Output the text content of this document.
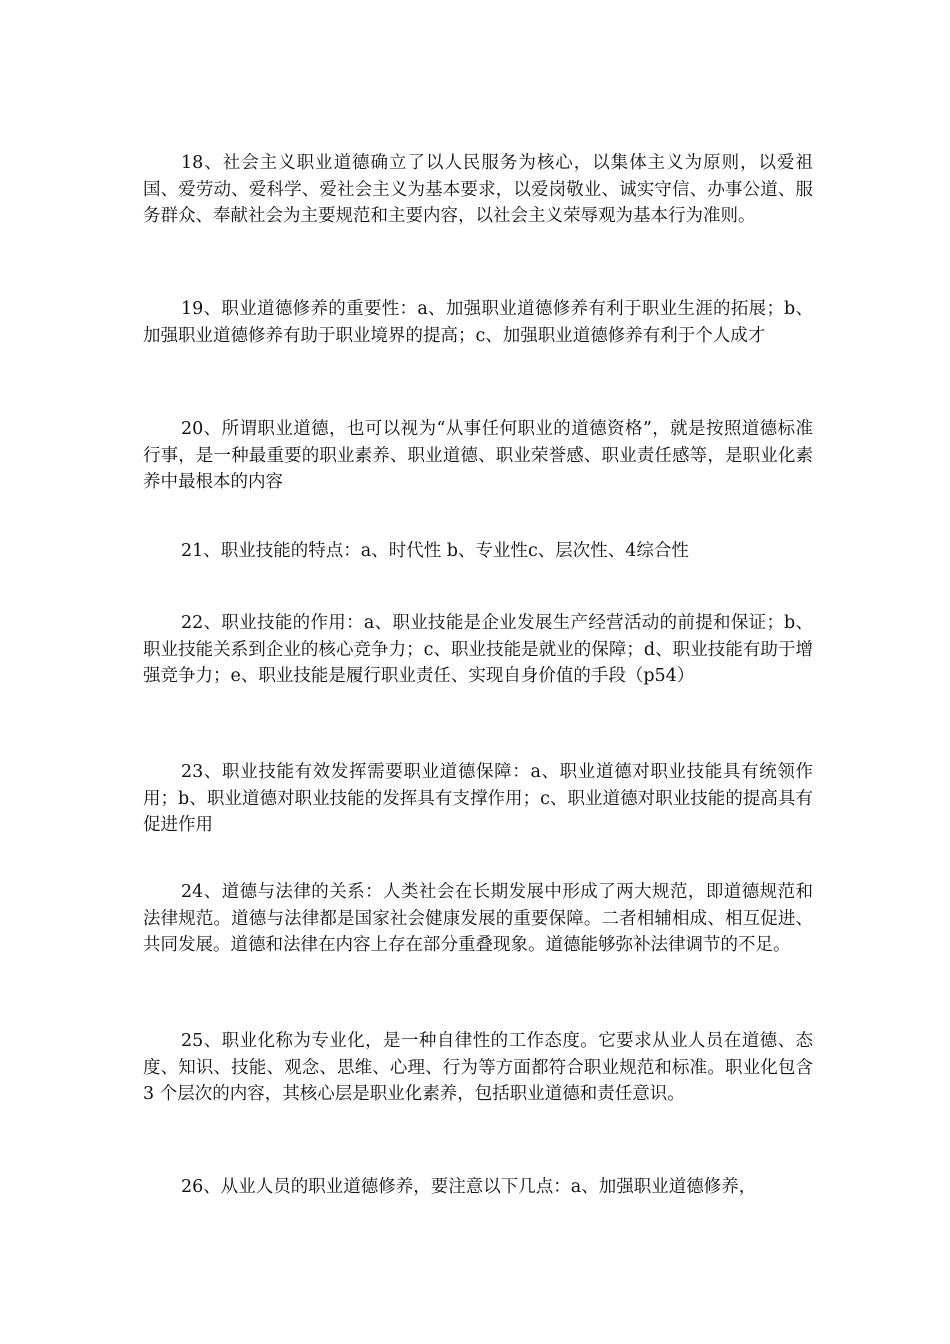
18、社会主义职业道德确立了以人民服务为核心，以集体主义为原则，以爱祖国、爱劳动、爱科学、爱社会主义为基本要求，以爱岗敬业、诚实守信、办事公道、服务群众、奉献社会为主要规范和主要内容，以社会主义荣辱观为基本行为准则。

19、职业道德修养的重要性：a、加强职业道德修养有利于职业生涯的拓展；b、加强职业道德修养有助于职业境界的提高；c、加强职业道德修养有利于个人成才

20、所谓职业道德，也可以视为“从事任何职业的道德资格”，就是按照道德标准行事，是一种最重要的职业素养、职业道德、职业荣誉感、职业责任感等，是职业化素养中最根本的内容

21、职业技能的特点：a、时代性 b、专业性c、层次性、4综合性

22、职业技能的作用：a、职业技能是企业发展生产经营活动的前提和保证；b、职业技能关系到企业的核心竞争力；c、职业技能是就业的保障；d、职业技能有助于增强竞争力；e、职业技能是履行职业责任、实现自身价值的手段（p54）

23、职业技能有效发挥需要职业道德保障：a、职业道德对职业技能具有统领作用；b、职业道德对职业技能的发挥具有支撑作用；c、职业道德对职业技能的提高具有促进作用

24、道德与法律的关系：人类社会在长期发展中形成了两大规范，即道德规范和法律规范。道德与法律都是国家社会健康发展的重要保障。二者相辅相成、相互促进、共同发展。道德和法律在内容上存在部分重叠现象。道德能够弥补法律调节的不足。

25、职业化称为专业化，是一种自律性的工作态度。它要求从业人员在道德、态度、知识、技能、观念、思维、心理、行为等方面都符合职业规范和标准。职业化包含 3 个层次的内容，其核心层是职业化素养，包括职业道德和责任意识。

26、从业人员的职业道德修养，要注意以下几点：a、加强职业道德修养，
